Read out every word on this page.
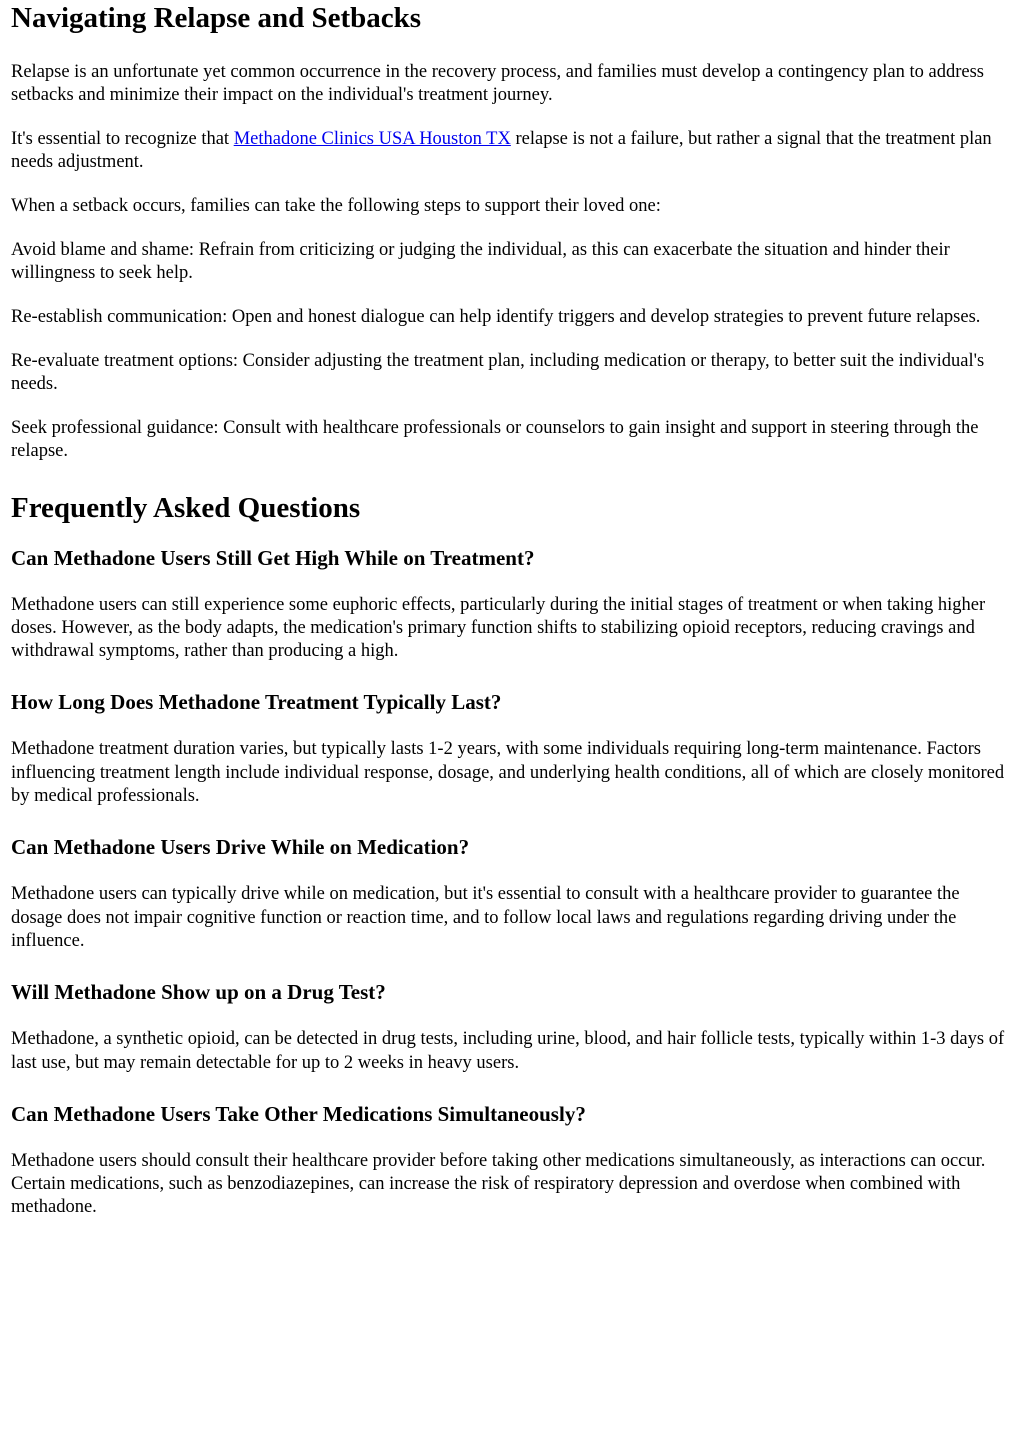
Navigating Relapse and Setbacks

Relapse is an unfortunate yet common occurrence in the recovery process, and families must develop a contingency plan to address setbacks and minimize their impact on the individual's treatment journey.

It's essential to recognize that Methadone Clinics USA Houston TX relapse is not a failure, but rather a signal that the treatment plan needs adjustment.

When a setback occurs, families can take the following steps to support their loved one:

Avoid blame and shame: Refrain from criticizing or judging the individual, as this can exacerbate the situation and hinder their willingness to seek help.

Re-establish communication: Open and honest dialogue can help identify triggers and develop strategies to prevent future relapses.

Re-evaluate treatment options: Consider adjusting the treatment plan, including medication or therapy, to better suit the individual's needs.

Seek professional guidance: Consult with healthcare professionals or counselors to gain insight and support in steering through the relapse.

Frequently Asked Questions
Can Methadone Users Still Get High While on Treatment?

Methadone users can still experience some euphoric effects, particularly during the initial stages of treatment or when taking higher doses. However, as the body adapts, the medication's primary function shifts to stabilizing opioid receptors, reducing cravings and withdrawal symptoms, rather than producing a high.

How Long Does Methadone Treatment Typically Last?

Methadone treatment duration varies, but typically lasts 1-2 years, with some individuals requiring long-term maintenance. Factors influencing treatment length include individual response, dosage, and underlying health conditions, all of which are closely monitored by medical professionals.

Can Methadone Users Drive While on Medication?

Methadone users can typically drive while on medication, but it's essential to consult with a healthcare provider to guarantee the dosage does not impair cognitive function or reaction time, and to follow local laws and regulations regarding driving under the influence.

Will Methadone Show up on a Drug Test?

Methadone, a synthetic opioid, can be detected in drug tests, including urine, blood, and hair follicle tests, typically within 1-3 days of last use, but may remain detectable for up to 2 weeks in heavy users.

Can Methadone Users Take Other Medications Simultaneously?

Methadone users should consult their healthcare provider before taking other medications simultaneously, as interactions can occur. Certain medications, such as benzodiazepines, can increase the risk of respiratory depression and overdose when combined with methadone.
